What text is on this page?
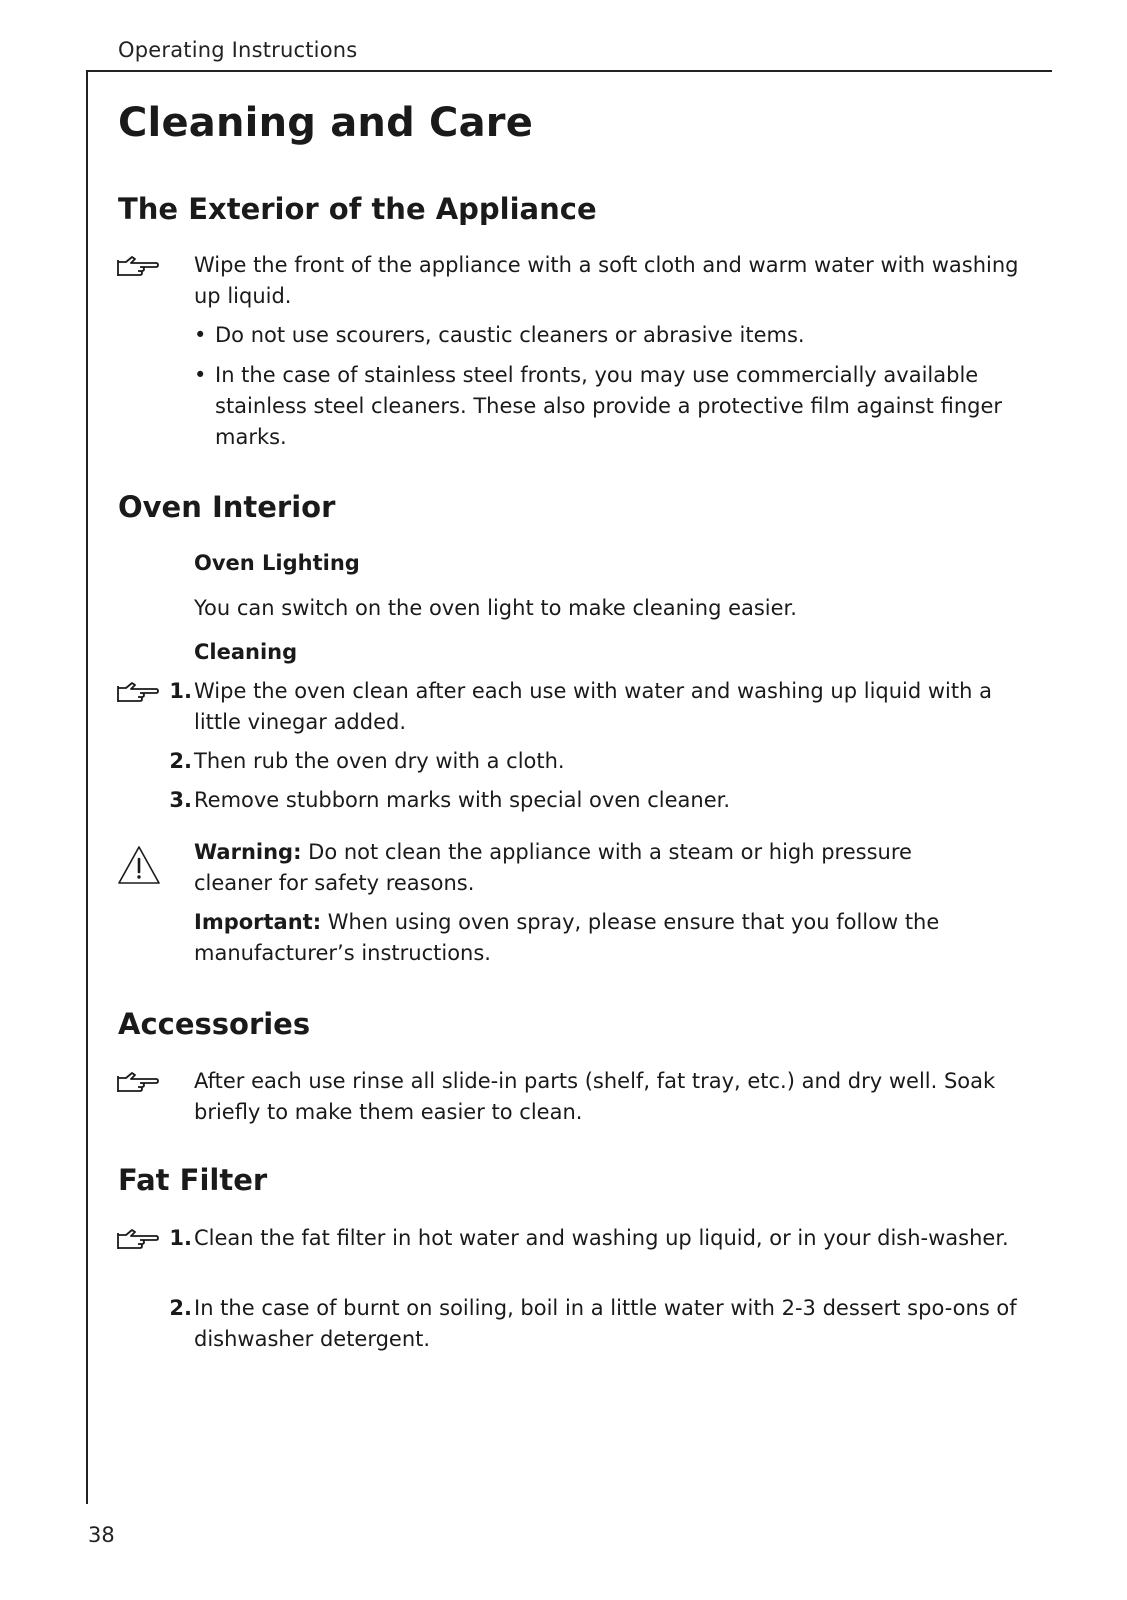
Operating Instructions
Cleaning and Care
The Exterior of the Appliance
Wipe the front of the appliance with a soft cloth and warm water with washing up liquid.
• Do not use scourers, caustic cleaners or abrasive items.
• In the case of stainless steel fronts, you may use commercially available stainless steel cleaners. These also provide a protective film against finger marks.
Oven Interior
Oven Lighting
You can switch on the oven light to make cleaning easier.
Cleaning
1. Wipe the oven clean after each use with water and washing up liquid with a little vinegar added.
2. Then rub the oven dry with a cloth.
3. Remove stubborn marks with special oven cleaner.
Warning: Do not clean the appliance with a steam or high pressure cleaner for safety reasons.
Important: When using oven spray, please ensure that you follow the manufacturer’s instructions.
Accessories
After each use rinse all slide-in parts (shelf, fat tray, etc.) and dry well. Soak briefly to make them easier to clean.
Fat Filter
1. Clean the fat filter in hot water and washing up liquid, or in your dish-washer.
2. In the case of burnt on soiling, boil in a little water with 2-3 dessert spo-ons of dishwasher detergent.
38
